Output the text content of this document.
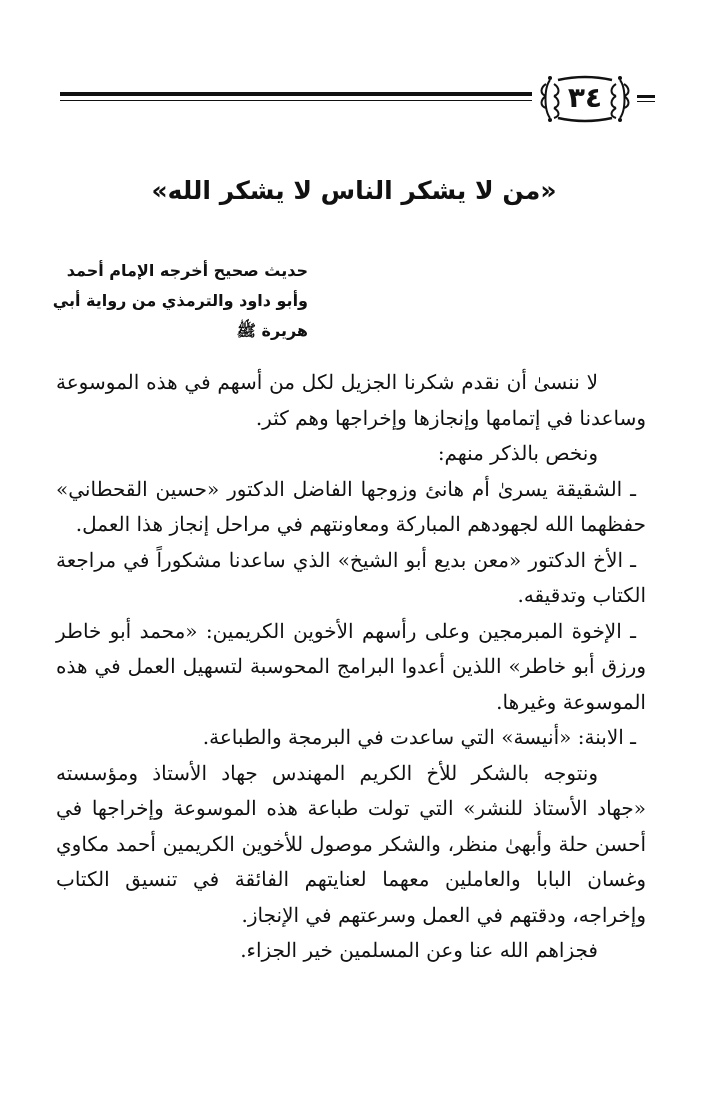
٣٤
«من لا يشكر الناس لا يشكر الله»
حديث صحيح أخرجه الإمام أحمد
وأبو داود والترمذي من رواية أبي
هريرة ﷺ

لا ننسىٰ أن نقدم شكرنا الجزيل لكل من أسهم في هذه الموسوعة وساعدنا في إتمامها وإنجازها وإخراجها وهم كثر.

ونخص بالذكر منهم:

ـ الشقيقة يسرىٰ أم هانئ وزوجها الفاضل الدكتور «حسين القحطاني» حفظهما الله لجهودهم المباركة ومعاونتهم في مراحل إنجاز هذا العمل.

ـ الأخ الدكتور «معن بديع أبو الشيخ» الذي ساعدنا مشكوراً في مراجعة الكتاب وتدقيقه.

ـ الإخوة المبرمجين وعلى رأسهم الأخوين الكريمين: «محمد أبو خاطر ورزق أبو خاطر» اللذين أعدوا البرامج المحوسبة لتسهيل العمل في هذه الموسوعة وغيرها.

ـ الابنة: «أنيسة» التي ساعدت في البرمجة والطباعة.

ونتوجه بالشكر للأخ الكريم المهندس جهاد الأستاذ ومؤسسته «جهاد الأستاذ للنشر» التي تولت طباعة هذه الموسوعة وإخراجها في أحسن حلة وأبهىٰ منظر، والشكر موصول للأخوين الكريمين أحمد مكاوي وغسان البابا والعاملين معهما لعنايتهم الفائقة في تنسيق الكتاب وإخراجه، ودقتهم في العمل وسرعتهم في الإنجاز.

فجزاهم الله عنا وعن المسلمين خير الجزاء.
